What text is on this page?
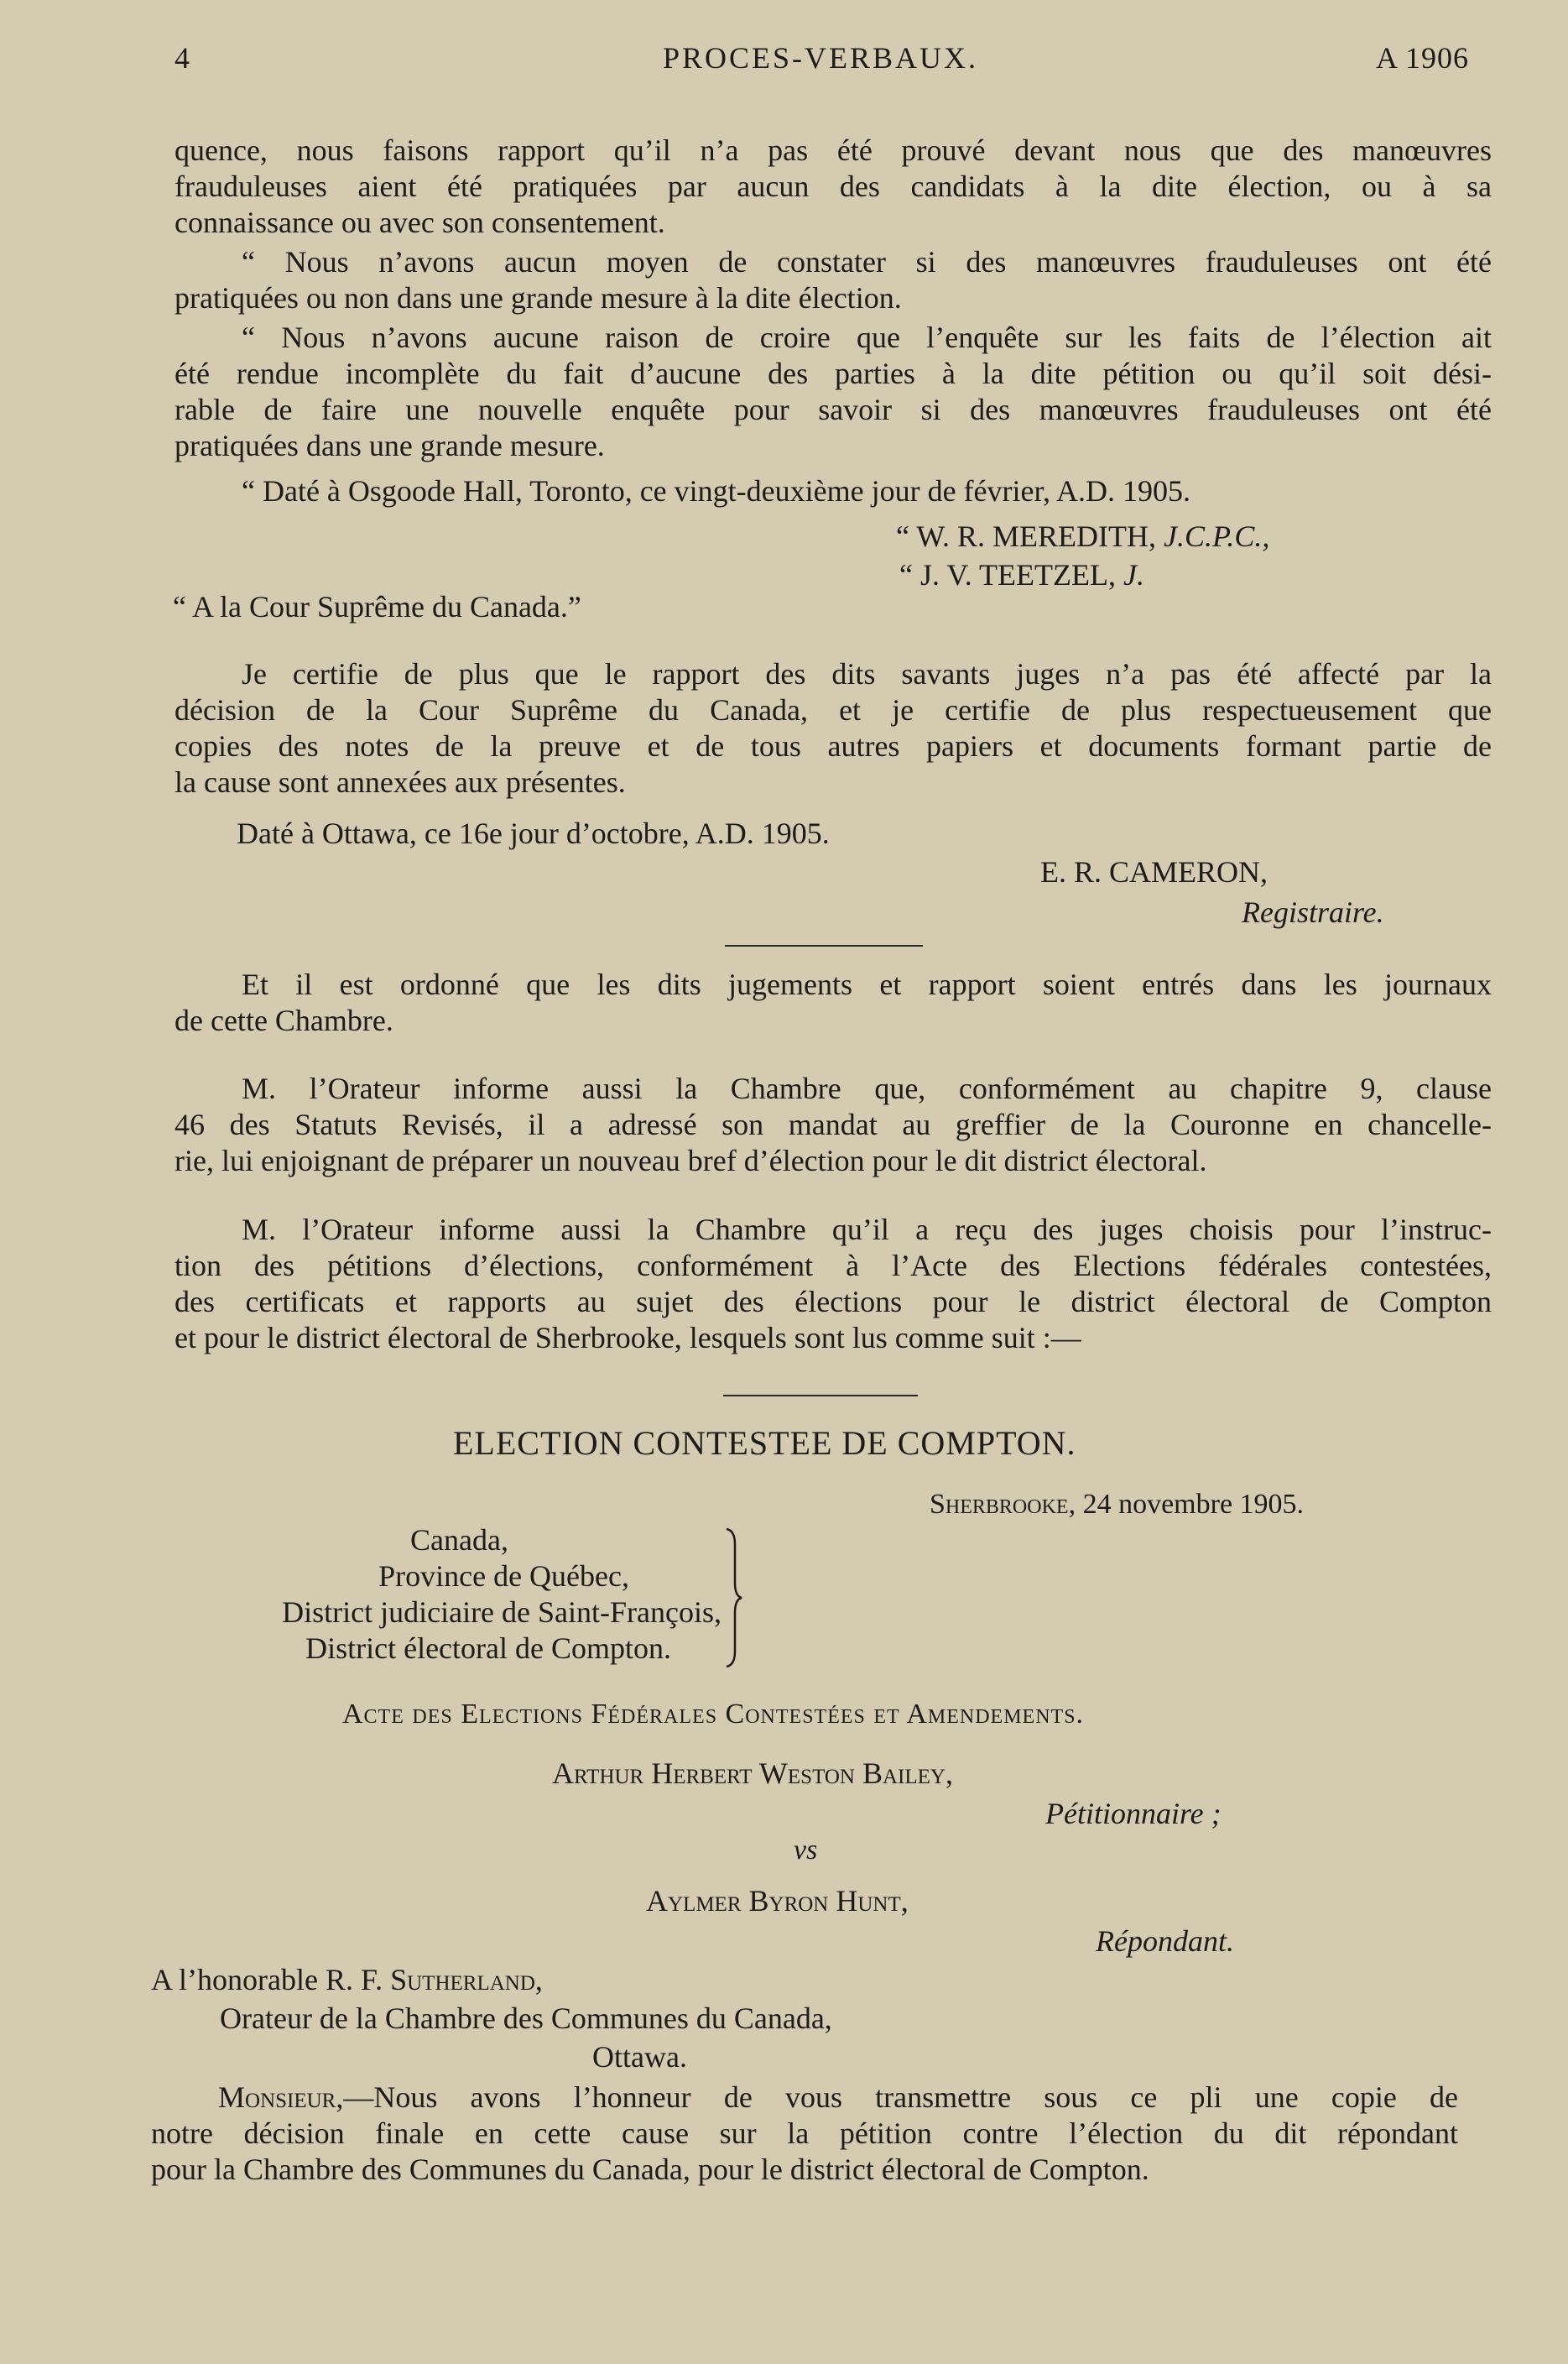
4	PROCES-VERBAUX.	A 1906
quence, nous faisons rapport qu’il n’a pas été prouvé devant nous que des manœuvres
frauduleuses aient été pratiquées par aucun des candidats à la dite élection, ou à sa
connaissance ou avec son consentement.
“ Nous n’avons aucun moyen de constater si des manœuvres frauduleuses ont été
pratiquées ou non dans une grande mesure à la dite élection.
“ Nous n’avons aucune raison de croire que l’enquête sur les faits de l’élection ait
été rendue incomplète du fait d’aucune des parties à la dite pétition ou qu’il soit dési-
rable de faire une nouvelle enquête pour savoir si des manœuvres frauduleuses ont été
pratiquées dans une grande mesure.
“ Daté à Osgoode Hall, Toronto, ce vingt-deuxième jour de février, A.D. 1905.
“ W. R. MEREDITH, J.C.P.C.,
“ J. V. TEETZEL, J.
“ A la Cour Suprême du Canada.”
Je certifie de plus que le rapport des dits savants juges n’a pas été affecté par la
décision de la Cour Suprême du Canada, et je certifie de plus respectueusement que
copies des notes de la preuve et de tous autres papiers et documents formant partie de
la cause sont annexées aux présentes.
Daté à Ottawa, ce 16e jour d’octobre, A.D. 1905.
E. R. CAMERON,
Registraire.
Et il est ordonné que les dits jugements et rapport soient entrés dans les journaux
de cette Chambre.
M. l’Orateur informe aussi la Chambre que, conformément au chapitre 9, clause
46 des Statuts Revisés, il a adressé son mandat au greffier de la Couronne en chancelle-
rie, lui enjoignant de préparer un nouveau bref d’élection pour le dit district électoral.
M. l’Orateur informe aussi la Chambre qu’il a reçu des juges choisis pour l’instruc-
tion des pétitions d’élections, conformément à l’Acte des Elections fédérales contestées,
des certificats et rapports au sujet des élections pour le district électoral de Compton
et pour le district électoral de Sherbrooke, lesquels sont lus comme suit :—
ELECTION CONTESTEE DE COMPTON.
Sherbrooke, 24 novembre 1905.
Canada,
Province de Québec,
District judiciaire de Saint-François,
District électoral de Compton.
Acte des Elections Fédérales Contestées et Amendements.
Arthur Herbert Weston Bailey,
Pétitionnaire ;
vs
Aylmer Byron Hunt,
Répondant.
A l’honorable R. F. Sutherland,
Orateur de la Chambre des Communes du Canada,
Ottawa.
Monsieur,—Nous avons l’honneur de vous transmettre sous ce pli une copie de
notre décision finale en cette cause sur la pétition contre l’élection du dit répondant
pour la Chambre des Communes du Canada, pour le district électoral de Compton.
